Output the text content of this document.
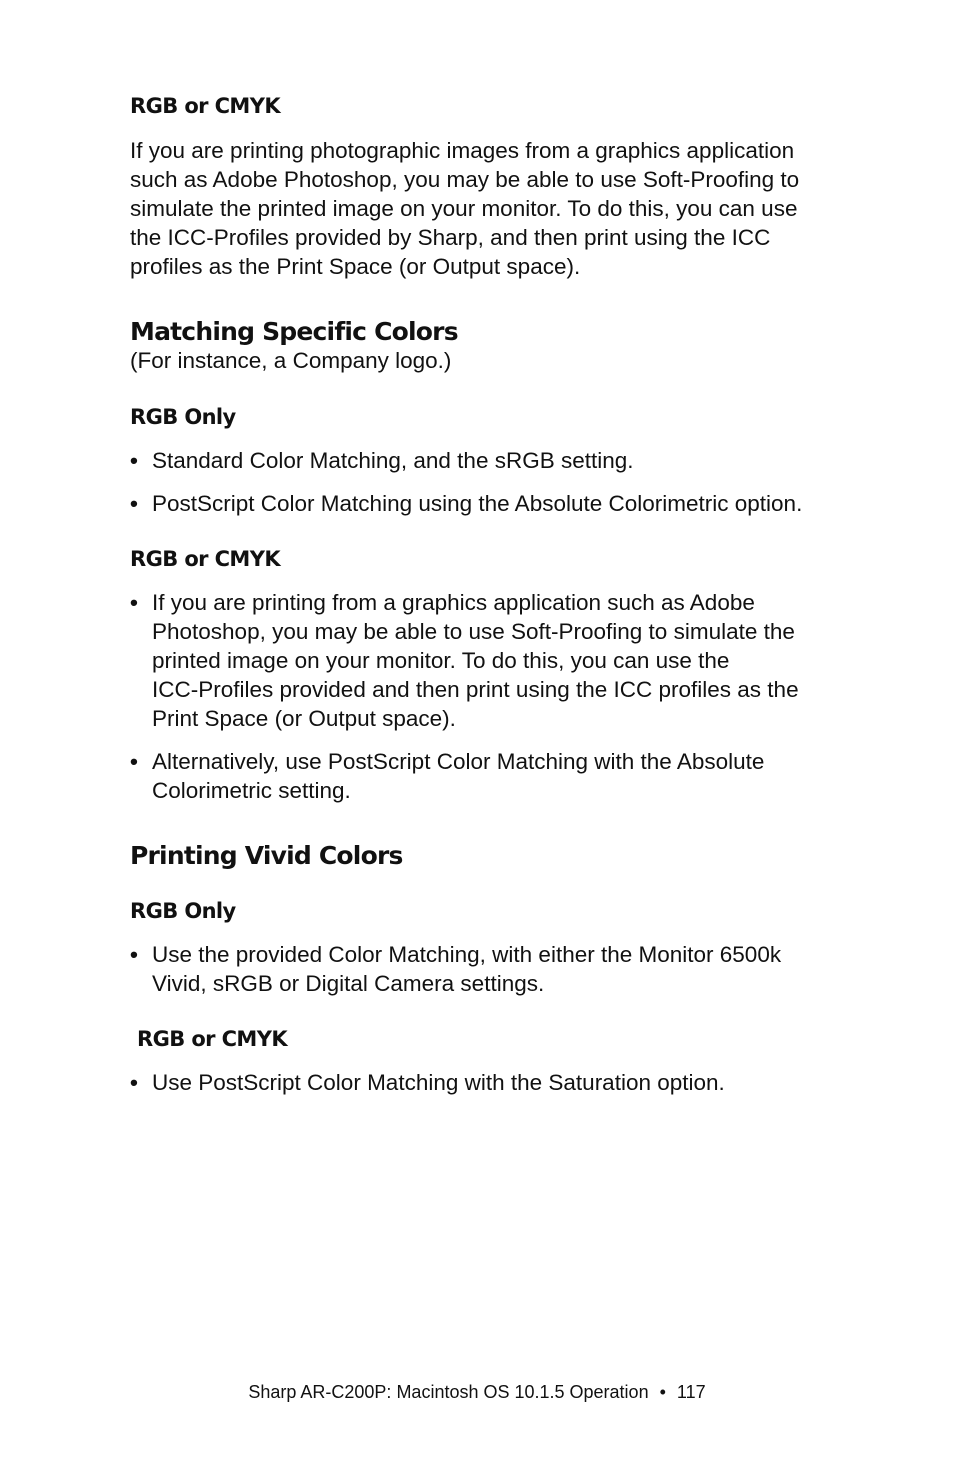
RGB or CMYK
If you are printing photographic images from a graphics application
such as Adobe Photoshop, you may be able to use Soft-Proofing to
simulate the printed image on your monitor. To do this, you can use
the ICC-Profiles provided by Sharp, and then print using the ICC
profiles as the Print Space (or Output space).
Matching Specific Colors
(For instance, a Company logo.)
RGB Only
• Standard Color Matching, and the sRGB setting.
• PostScript Color Matching using the Absolute Colorimetric option.
RGB or CMYK
• If you are printing from a graphics application such as Adobe
Photoshop, you may be able to use Soft-Proofing to simulate the
printed image on your monitor. To do this, you can use the
ICC-Profiles provided and then print using the ICC profiles as the
Print Space (or Output space).
• Alternatively, use PostScript Color Matching with the Absolute
Colorimetric setting.
Printing Vivid Colors
RGB Only
• Use the provided Color Matching, with either the Monitor 6500k
Vivid, sRGB or Digital Camera settings.
RGB or CMYK
• Use PostScript Color Matching with the Saturation option.
Sharp AR-C200P: Macintosh OS 10.1.5 Operation • 117
